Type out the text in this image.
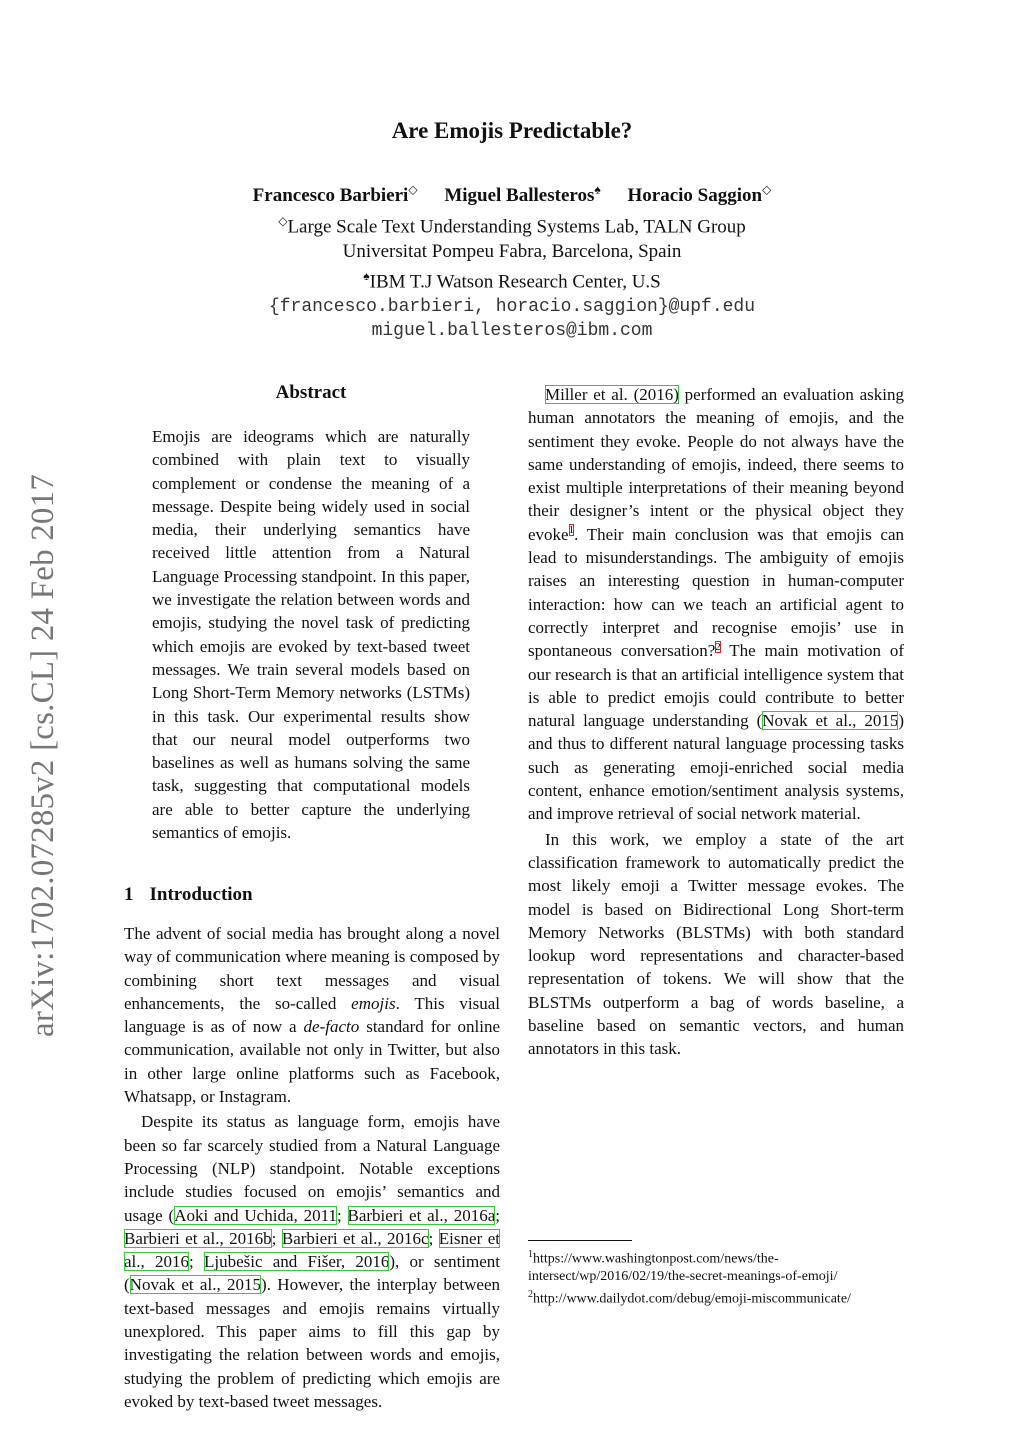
arXiv:1702.07285v2 [cs.CL] 24 Feb 2017
Are Emojis Predictable?
Francesco Barbieri◇ Miguel Ballesteros♠ Horacio Saggion◇
◇Large Scale Text Understanding Systems Lab, TALN Group
Universitat Pompeu Fabra, Barcelona, Spain
♠IBM T.J Watson Research Center, U.S
{francesco.barbieri, horacio.saggion}@upf.edu
miguel.ballesteros@ibm.com
Abstract

Emojis are ideograms which are naturally combined with plain text to visually complement or condense the meaning of a message. Despite being widely used in social media, their underlying semantics have received little attention from a Natural Language Processing standpoint. In this paper, we investigate the relation between words and emojis, studying the novel task of predicting which emojis are evoked by text-based tweet messages. We train several models based on Long Short-Term Memory networks (LSTMs) in this task. Our experimental results show that our neural model outperforms two baselines as well as humans solving the same task, suggesting that computational models are able to better capture the underlying semantics of emojis.

1 Introduction

The advent of social media has brought along a novel way of communication where meaning is composed by combining short text messages and visual enhancements, the so-called emojis. This visual language is as of now a de-facto standard for online communication, available not only in Twitter, but also in other large online platforms such as Facebook, Whatsapp, or Instagram.

Despite its status as language form, emojis have been so far scarcely studied from a Natural Language Processing (NLP) standpoint. Notable exceptions include studies focused on emojis’ semantics and usage (Aoki and Uchida, 2011; Barbieri et al., 2016a; Barbieri et al., 2016b; Barbieri et al., 2016c; Eisner et al., 2016; Ljubešic and Fišer, 2016), or sentiment (Novak et al., 2015). However, the interplay between text-based messages and emojis remains virtually unexplored. This paper aims to fill this gap by investigating the relation between words and emojis, studying the problem of predicting which emojis are evoked by text-based tweet messages.

Miller et al. (2016) performed an evaluation asking human annotators the meaning of emojis, and the sentiment they evoke. People do not always have the same understanding of emojis, indeed, there seems to exist multiple interpretations of their meaning beyond their designer’s intent or the physical object they evoke$^1$. Their main conclusion was that emojis can lead to misunderstandings. The ambiguity of emojis raises an interesting question in human-computer interaction: how can we teach an artificial agent to correctly interpret and recognise emojis’ use in spontaneous conversation?$^2$ The main motivation of our research is that an artificial intelligence system that is able to predict emojis could contribute to better natural language understanding (Novak et al., 2015) and thus to different natural language processing tasks such as generating emoji-enriched social media content, enhance emotion/sentiment analysis systems, and improve retrieval of social network material.

In this work, we employ a state of the art classification framework to automatically predict the most likely emoji a Twitter message evokes. The model is based on Bidirectional Long Short-term Memory Networks (BLSTMs) with both standard lookup word representations and character-based representation of tokens. We will show that the BLSTMs outperform a bag of words baseline, a baseline based on semantic vectors, and human annotators in this task.

$^1$https://www.washingtonpost.com/news/the-intersect/wp/2016/02/19/the-secret-meanings-of-emoji/

$^2$http://www.dailydot.com/debug/emoji-miscommunicate/
